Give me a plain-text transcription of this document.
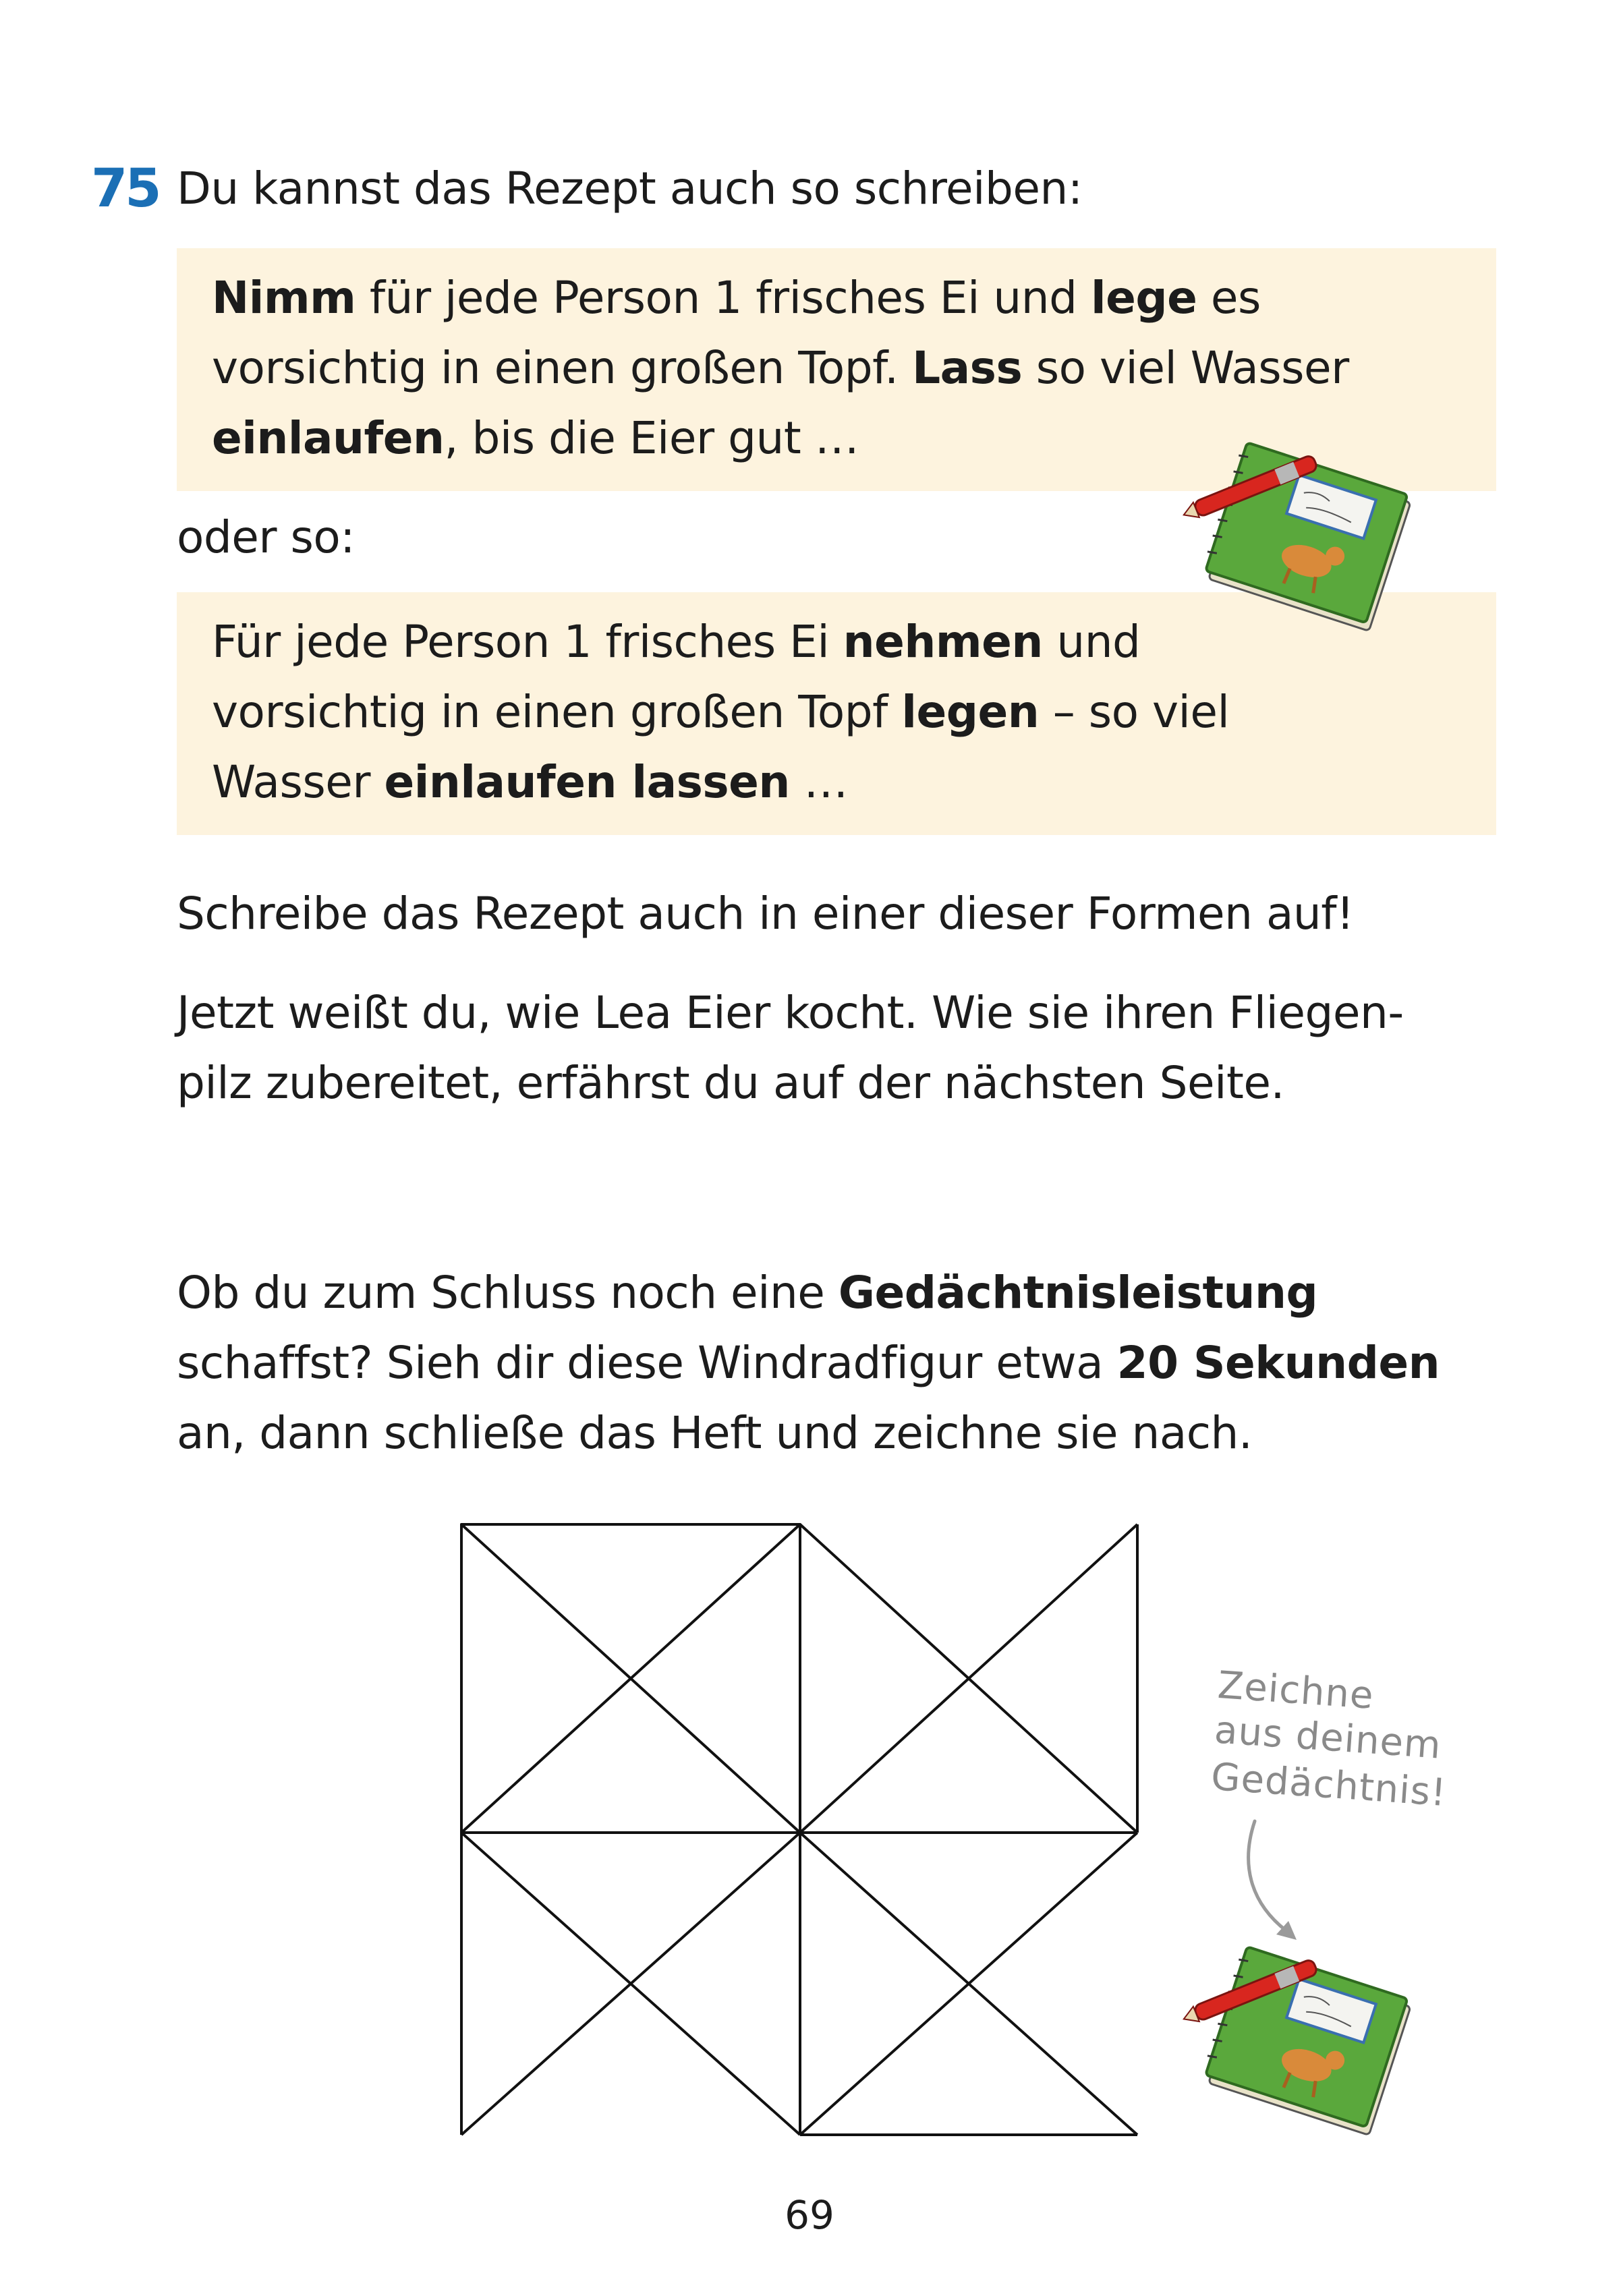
75 Du kannst das Rezept auch so schreiben:
Nimm für jede Person 1 frisches Ei und lege es
vorsichtig in einen großen Topf. Lass so viel Wasser
einlaufen, bis die Eier gut …
oder so:
Für jede Person 1 frisches Ei nehmen und
vorsichtig in einen großen Topf legen – so viel
Wasser einlaufen lassen …
Schreibe das Rezept auch in einer dieser Formen auf!
Jetzt weißt du, wie Lea Eier kocht. Wie sie ihren Fliegen-
pilz zubereitet, erfährst du auf der nächsten Seite.
Ob du zum Schluss noch eine Gedächtnisleistung
schaffst? Sieh dir diese Windradfigur etwa 20 Sekunden
an, dann schließe das Heft und zeichne sie nach.
Zeichne
aus deinem
Gedächtnis!
69
